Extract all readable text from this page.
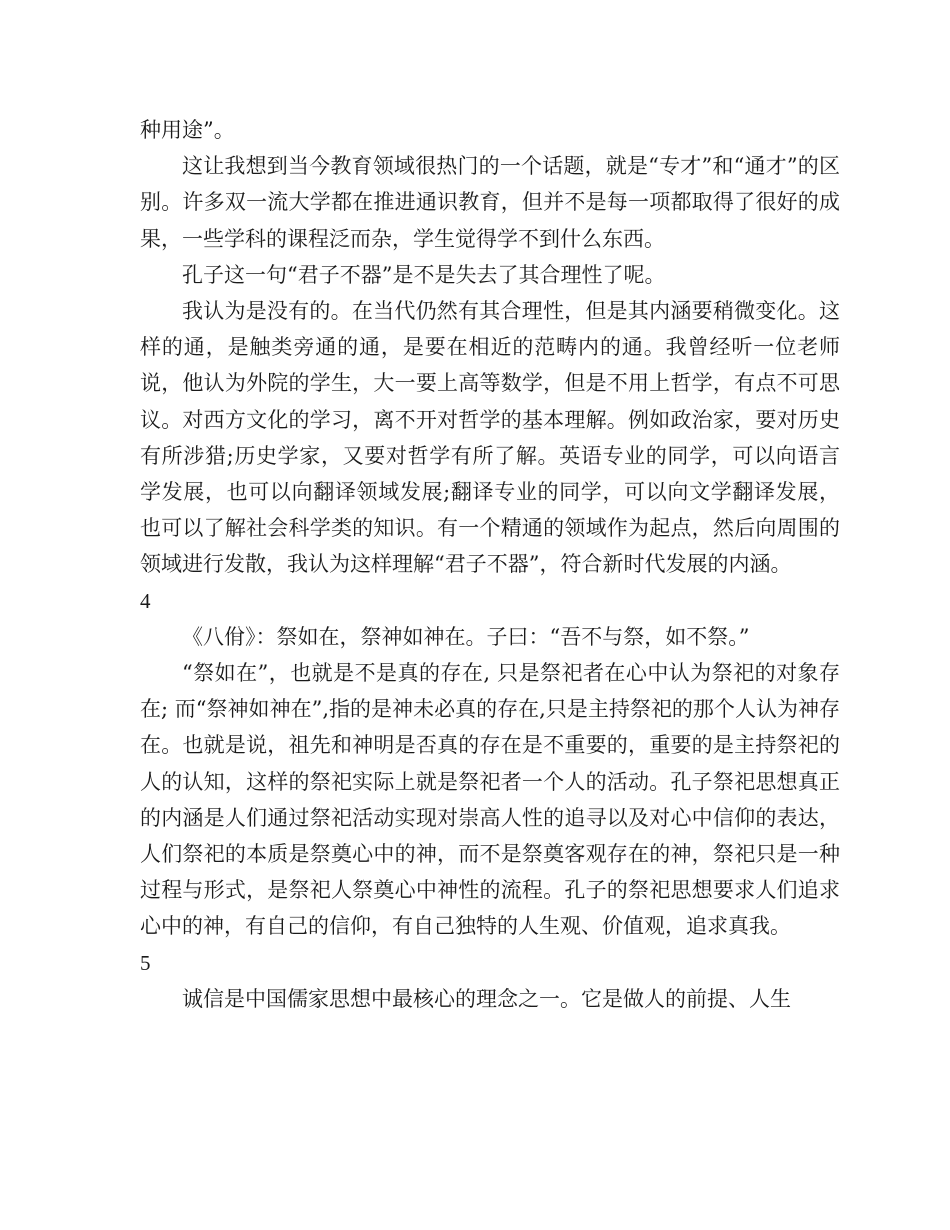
种用途”。

这让我想到当今教育领域很热门的一个话题，就是“专才”和“通才”的区别。许多双一流大学都在推进通识教育，但并不是每一项都取得了很好的成果，一些学科的课程泛而杂，学生觉得学不到什么东西。

孔子这一句“君子不器”是不是失去了其合理性了呢。

我认为是没有的。在当代仍然有其合理性，但是其内涵要稍微变化。这样的通，是触类旁通的通，是要在相近的范畴内的通。我曾经听一位老师说，他认为外院的学生，大一要上高等数学，但是不用上哲学，有点不可思议。对西方文化的学习，离不开对哲学的基本理解。例如政治家，要对历史有所涉猎;历史学家，又要对哲学有所了解。英语专业的同学，可以向语言学发展，也可以向翻译领域发展;翻译专业的同学，可以向文学翻译发展，也可以了解社会科学类的知识。有一个精通的领域作为起点，然后向周围的领域进行发散，我认为这样理解“君子不器”，符合新时代发展的内涵。

4

《八佾》：祭如在，祭神如神在。子曰：“吾不与祭，如不祭。”

“祭如在”，也就是不是真的存在, 只是祭祀者在心中认为祭祀的对象存在; 而“祭神如神在”,指的是神未必真的存在,只是主持祭祀的那个人认为神存在。也就是说，祖先和神明是否真的存在是不重要的，重要的是主持祭祀的人的认知，这样的祭祀实际上就是祭祀者一个人的活动。孔子祭祀思想真正的内涵是人们通过祭祀活动实现对崇高人性的追寻以及对心中信仰的表达，人们祭祀的本质是祭奠心中的神，而不是祭奠客观存在的神，祭祀只是一种过程与形式，是祭祀人祭奠心中神性的流程。孔子的祭祀思想要求人们追求心中的神，有自己的信仰，有自己独特的人生观、价值观，追求真我。

5

诚信是中国儒家思想中最核心的理念之一。它是做人的前提、人生
